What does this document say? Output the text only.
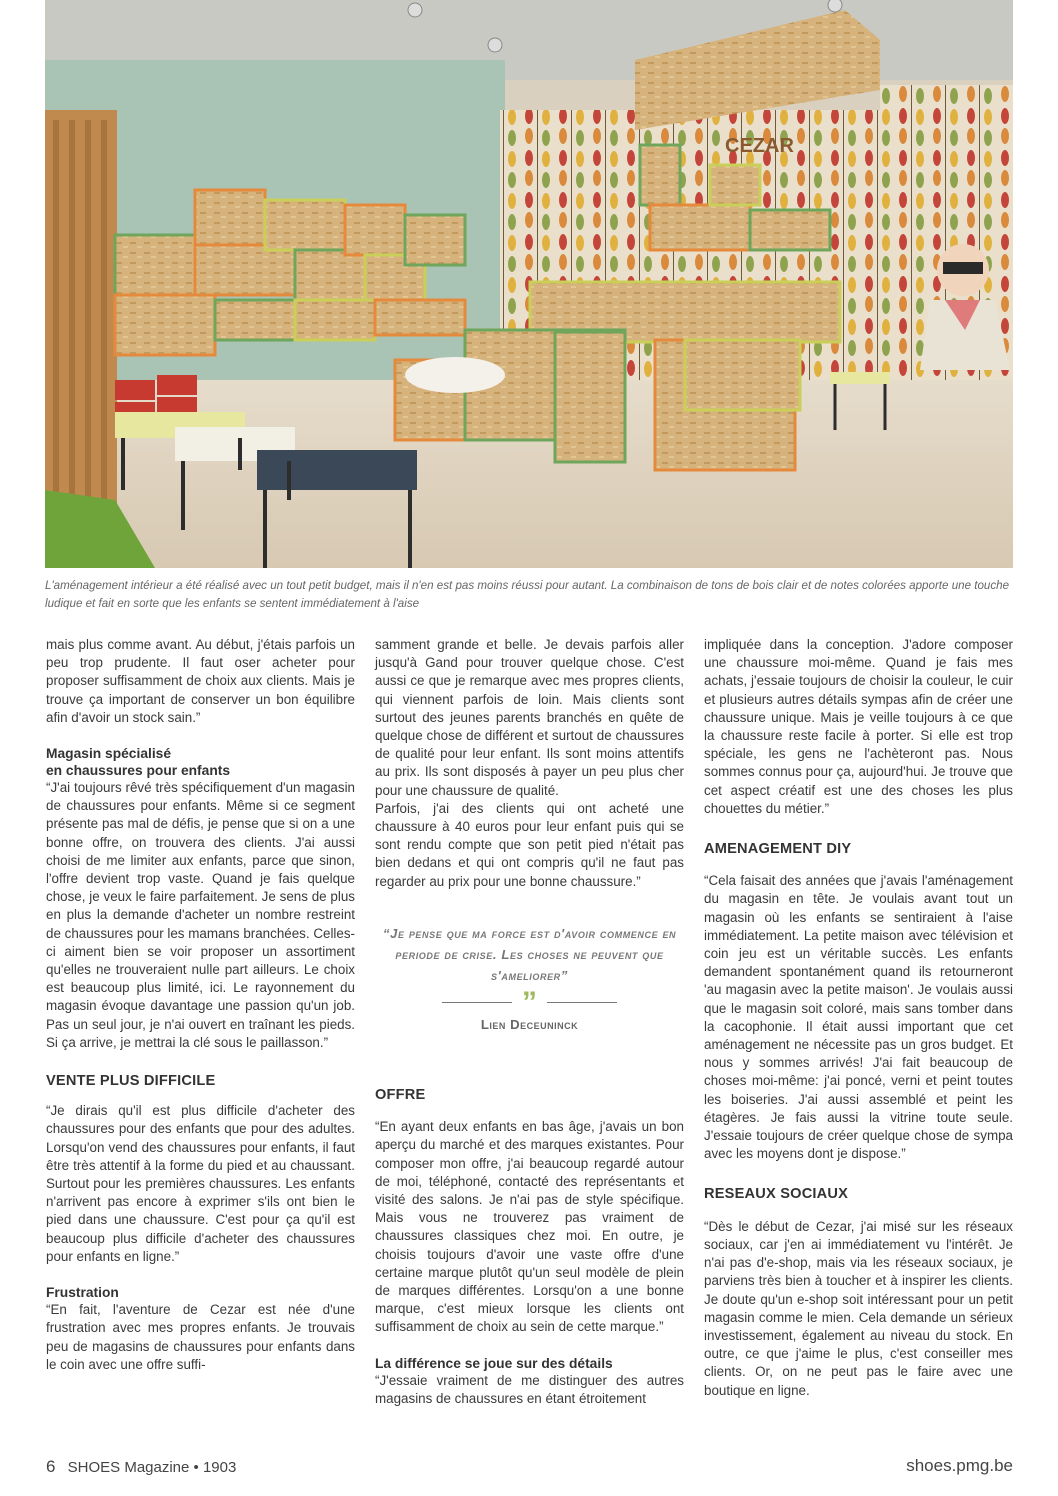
CEZAR
L'aménagement intérieur a été réalisé avec un tout petit budget, mais il n'en est pas moins réussi pour autant. La combinaison de tons de bois clair et de notes colorées apporte une touche ludique et fait en sorte que les enfants se sentent immédiatement à l'aise

mais plus comme avant. Au début, j'étais parfois un peu trop prudente. Il faut oser acheter pour proposer suffisamment de choix aux clients. Mais je trouve ça important de conserver un bon équilibre afin d'avoir un stock sain.”

Magasin spécialisé

en chaussures pour enfants

“J'ai toujours rêvé très spécifiquement d'un magasin de chaussures pour enfants. Même si ce segment présente pas mal de défis, je pense que si on a une bonne offre, on trouvera des clients. J'ai aussi choisi de me limiter aux enfants, parce que sinon, l'offre devient trop vaste. Quand je fais quelque chose, je veux le faire parfaitement. Je sens de plus en plus la demande d'acheter un nombre restreint de chaussures pour les mamans branchées. Celles-ci aiment bien se voir proposer un assortiment qu'elles ne trouveraient nulle part ailleurs. Le choix est beaucoup plus limité, ici. Le rayonnement du magasin évoque davantage une passion qu'un job. Pas un seul jour, je n'ai ouvert en traînant les pieds. Si ça arrive, je mettrai la clé sous le paillasson.”

VENTE PLUS DIFFICILE

“Je dirais qu'il est plus difficile d'acheter des chaussures pour des enfants que pour des adultes. Lorsqu'on vend des chaussures pour enfants, il faut être très attentif à la forme du pied et au chaussant. Surtout pour les premières chaussures. Les enfants n'arrivent pas encore à exprimer s'ils ont bien le pied dans une chaussure. C'est pour ça qu'il est beaucoup plus difficile d'acheter des chaussures pour enfants en ligne.”

Frustration

“En fait, l'aventure de Cezar est née d'une frustration avec mes propres enfants. Je trouvais peu de magasins de chaussures pour enfants dans le coin avec une offre suffi-

samment grande et belle. Je devais parfois aller jusqu'à Gand pour trouver quelque chose. C'est aussi ce que je remarque avec mes propres clients, qui viennent parfois de loin. Mais clients sont surtout des jeunes parents branchés en quête de quelque chose de différent et surtout de chaussures de qualité pour leur enfant. Ils sont moins attentifs au prix. Ils sont disposés à payer un peu plus cher pour une chaussure de qualité.

Parfois, j'ai des clients qui ont acheté une chaussure à 40 euros pour leur enfant puis qui se sont rendu compte que son petit pied n'était pas bien dedans et qui ont compris qu'il ne faut pas regarder au prix pour une bonne chaussure.”

“Je pense que ma force est d'avoir commence en periode de crise. Les choses ne peuvent que s'ameliorer”
”
Lien Deceuninck

OFFRE

“En ayant deux enfants en bas âge, j'avais un bon aperçu du marché et des marques existantes. Pour composer mon offre, j'ai beaucoup regardé autour de moi, téléphoné, contacté des représentants et visité des salons. Je n'ai pas de style spécifique. Mais vous ne trouverez pas vraiment de chaussures classiques chez moi. En outre, je choisis toujours d'avoir une vaste offre d'une certaine marque plutôt qu'un seul modèle de plein de marques différentes. Lorsqu'on a une bonne marque, c'est mieux lorsque les clients ont suffisamment de choix au sein de cette marque.”

La différence se joue sur des détails

“J'essaie vraiment de me distinguer des autres magasins de chaussures en étant étroitement

impliquée dans la conception. J'adore composer une chaussure moi-même. Quand je fais mes achats, j'essaie toujours de choisir la couleur, le cuir et plusieurs autres détails sympas afin de créer une chaussure unique. Mais je veille toujours à ce que la chaussure reste facile à porter. Si elle est trop spéciale, les gens ne l'achèteront pas. Nous sommes connus pour ça, aujourd'hui. Je trouve que cet aspect créatif est une des choses les plus chouettes du métier.”

AMENAGEMENT DIY

“Cela faisait des années que j'avais l'aménagement du magasin en tête. Je voulais avant tout un magasin où les enfants se sentiraient à l'aise immédiatement. La petite maison avec télévision et coin jeu est un véritable succès. Les enfants demandent spontanément quand ils retourneront 'au magasin avec la petite maison'. Je voulais aussi que le magasin soit coloré, mais sans tomber dans la cacophonie. Il était aussi important que cet aménagement ne nécessite pas un gros budget. Et nous y sommes arrivés! J'ai fait beaucoup de choses moi-même: j'ai poncé, verni et peint toutes les boiseries. J'ai aussi assemblé et peint les étagères. Je fais aussi la vitrine toute seule. J'essaie toujours de créer quelque chose de sympa avec les moyens dont je dispose.”

RESEAUX SOCIAUX

“Dès le début de Cezar, j'ai misé sur les réseaux sociaux, car j'en ai immédiatement vu l'intérêt. Je n'ai pas d'e-shop, mais via les réseaux sociaux, je parviens très bien à toucher et à inspirer les clients. Je doute qu'un e-shop soit intéressant pour un petit magasin comme le mien. Cela demande un sérieux investissement, également au niveau du stock. En outre, ce que j'aime le plus, c'est conseiller mes clients. Or, on ne peut pas le faire avec une boutique en ligne.

6 SHOES Magazine • 1903	shoes.pmg.be
